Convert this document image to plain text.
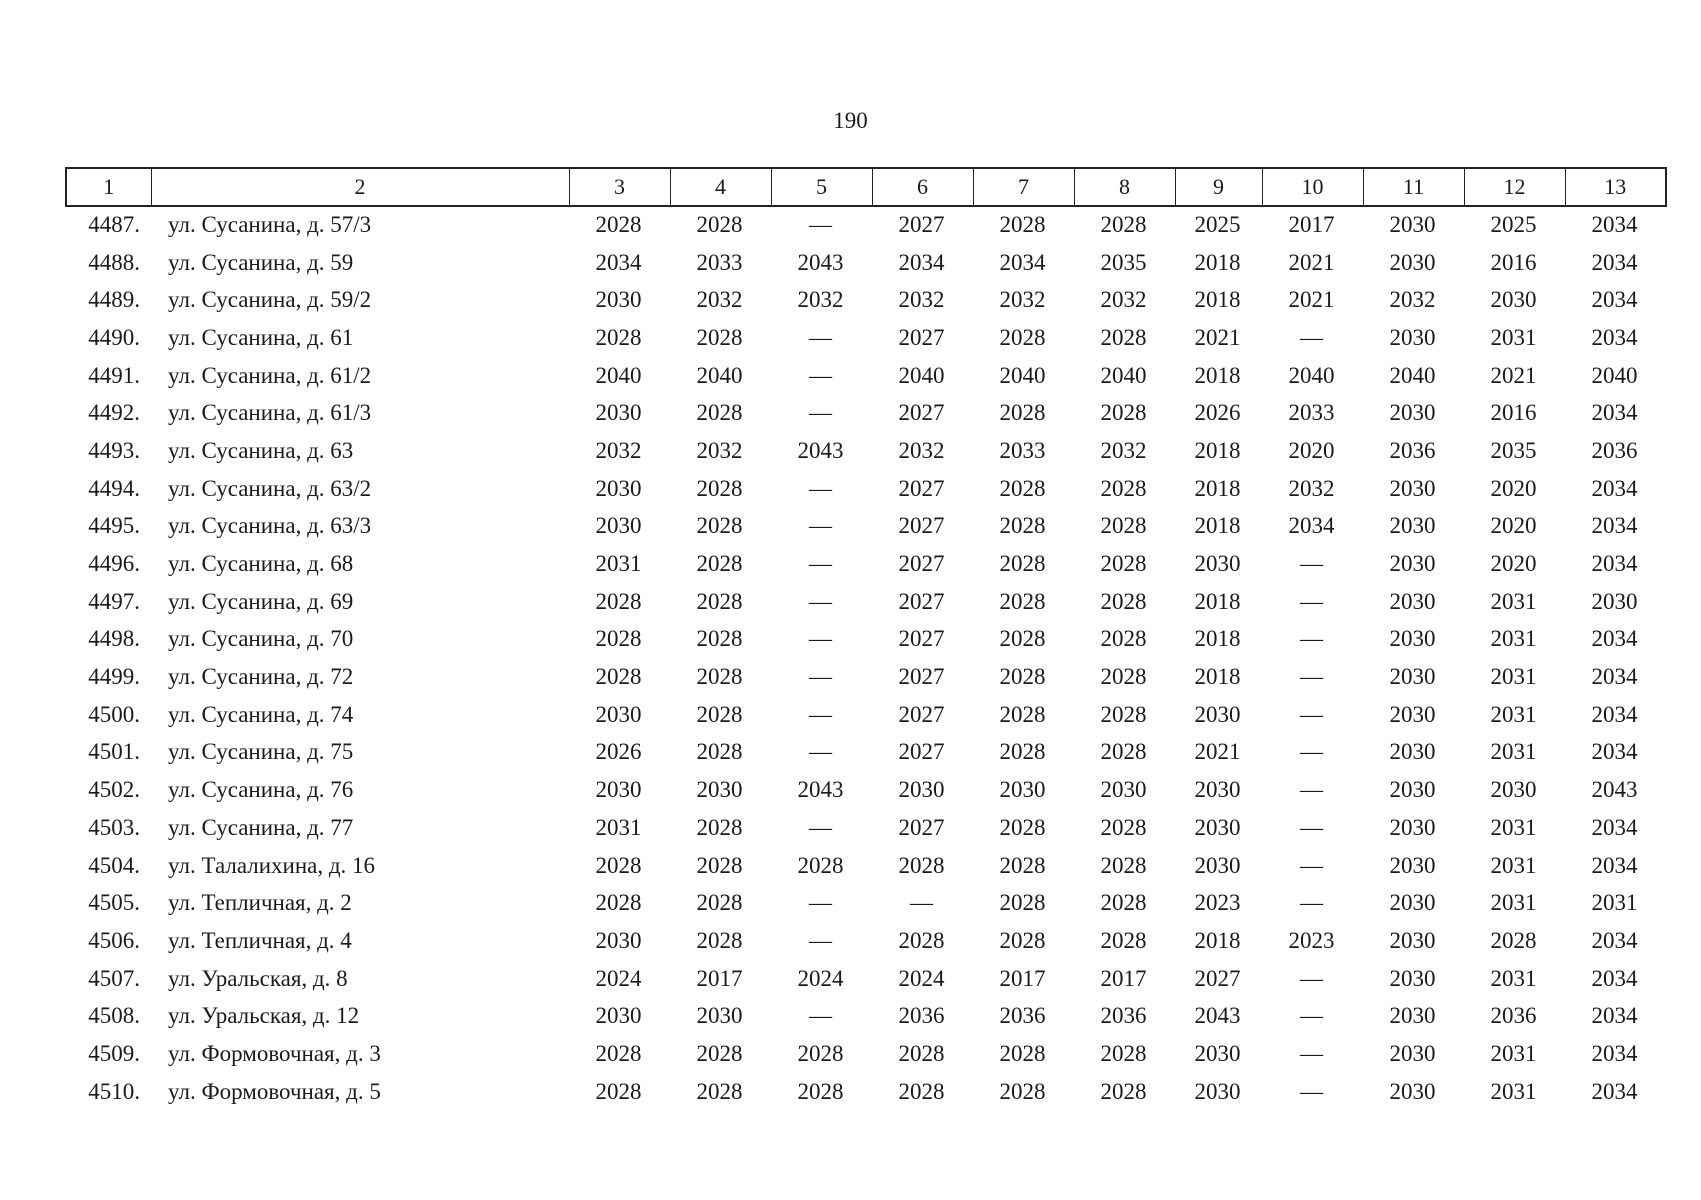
190
1	2	3	4	5	6	7	8	9	10	11	12	13
4487.	ул. Сусанина, д. 57/3	2028	2028	—	2027	2028	2028	2025	2017	2030	2025	2034
4488.	ул. Сусанина, д. 59	2034	2033	2043	2034	2034	2035	2018	2021	2030	2016	2034
4489.	ул. Сусанина, д. 59/2	2030	2032	2032	2032	2032	2032	2018	2021	2032	2030	2034
4490.	ул. Сусанина, д. 61	2028	2028	—	2027	2028	2028	2021	—	2030	2031	2034
4491.	ул. Сусанина, д. 61/2	2040	2040	—	2040	2040	2040	2018	2040	2040	2021	2040
4492.	ул. Сусанина, д. 61/3	2030	2028	—	2027	2028	2028	2026	2033	2030	2016	2034
4493.	ул. Сусанина, д. 63	2032	2032	2043	2032	2033	2032	2018	2020	2036	2035	2036
4494.	ул. Сусанина, д. 63/2	2030	2028	—	2027	2028	2028	2018	2032	2030	2020	2034
4495.	ул. Сусанина, д. 63/3	2030	2028	—	2027	2028	2028	2018	2034	2030	2020	2034
4496.	ул. Сусанина, д. 68	2031	2028	—	2027	2028	2028	2030	—	2030	2020	2034
4497.	ул. Сусанина, д. 69	2028	2028	—	2027	2028	2028	2018	—	2030	2031	2030
4498.	ул. Сусанина, д. 70	2028	2028	—	2027	2028	2028	2018	—	2030	2031	2034
4499.	ул. Сусанина, д. 72	2028	2028	—	2027	2028	2028	2018	—	2030	2031	2034
4500.	ул. Сусанина, д. 74	2030	2028	—	2027	2028	2028	2030	—	2030	2031	2034
4501.	ул. Сусанина, д. 75	2026	2028	—	2027	2028	2028	2021	—	2030	2031	2034
4502.	ул. Сусанина, д. 76	2030	2030	2043	2030	2030	2030	2030	—	2030	2030	2043
4503.	ул. Сусанина, д. 77	2031	2028	—	2027	2028	2028	2030	—	2030	2031	2034
4504.	ул. Талалихина, д. 16	2028	2028	2028	2028	2028	2028	2030	—	2030	2031	2034
4505.	ул. Тепличная, д. 2	2028	2028	—	—	2028	2028	2023	—	2030	2031	2031
4506.	ул. Тепличная, д. 4	2030	2028	—	2028	2028	2028	2018	2023	2030	2028	2034
4507.	ул. Уральская, д. 8	2024	2017	2024	2024	2017	2017	2027	—	2030	2031	2034
4508.	ул. Уральская, д. 12	2030	2030	—	2036	2036	2036	2043	—	2030	2036	2034
4509.	ул. Формовочная, д. 3	2028	2028	2028	2028	2028	2028	2030	—	2030	2031	2034
4510.	ул. Формовочная, д. 5	2028	2028	2028	2028	2028	2028	2030	—	2030	2031	2034
